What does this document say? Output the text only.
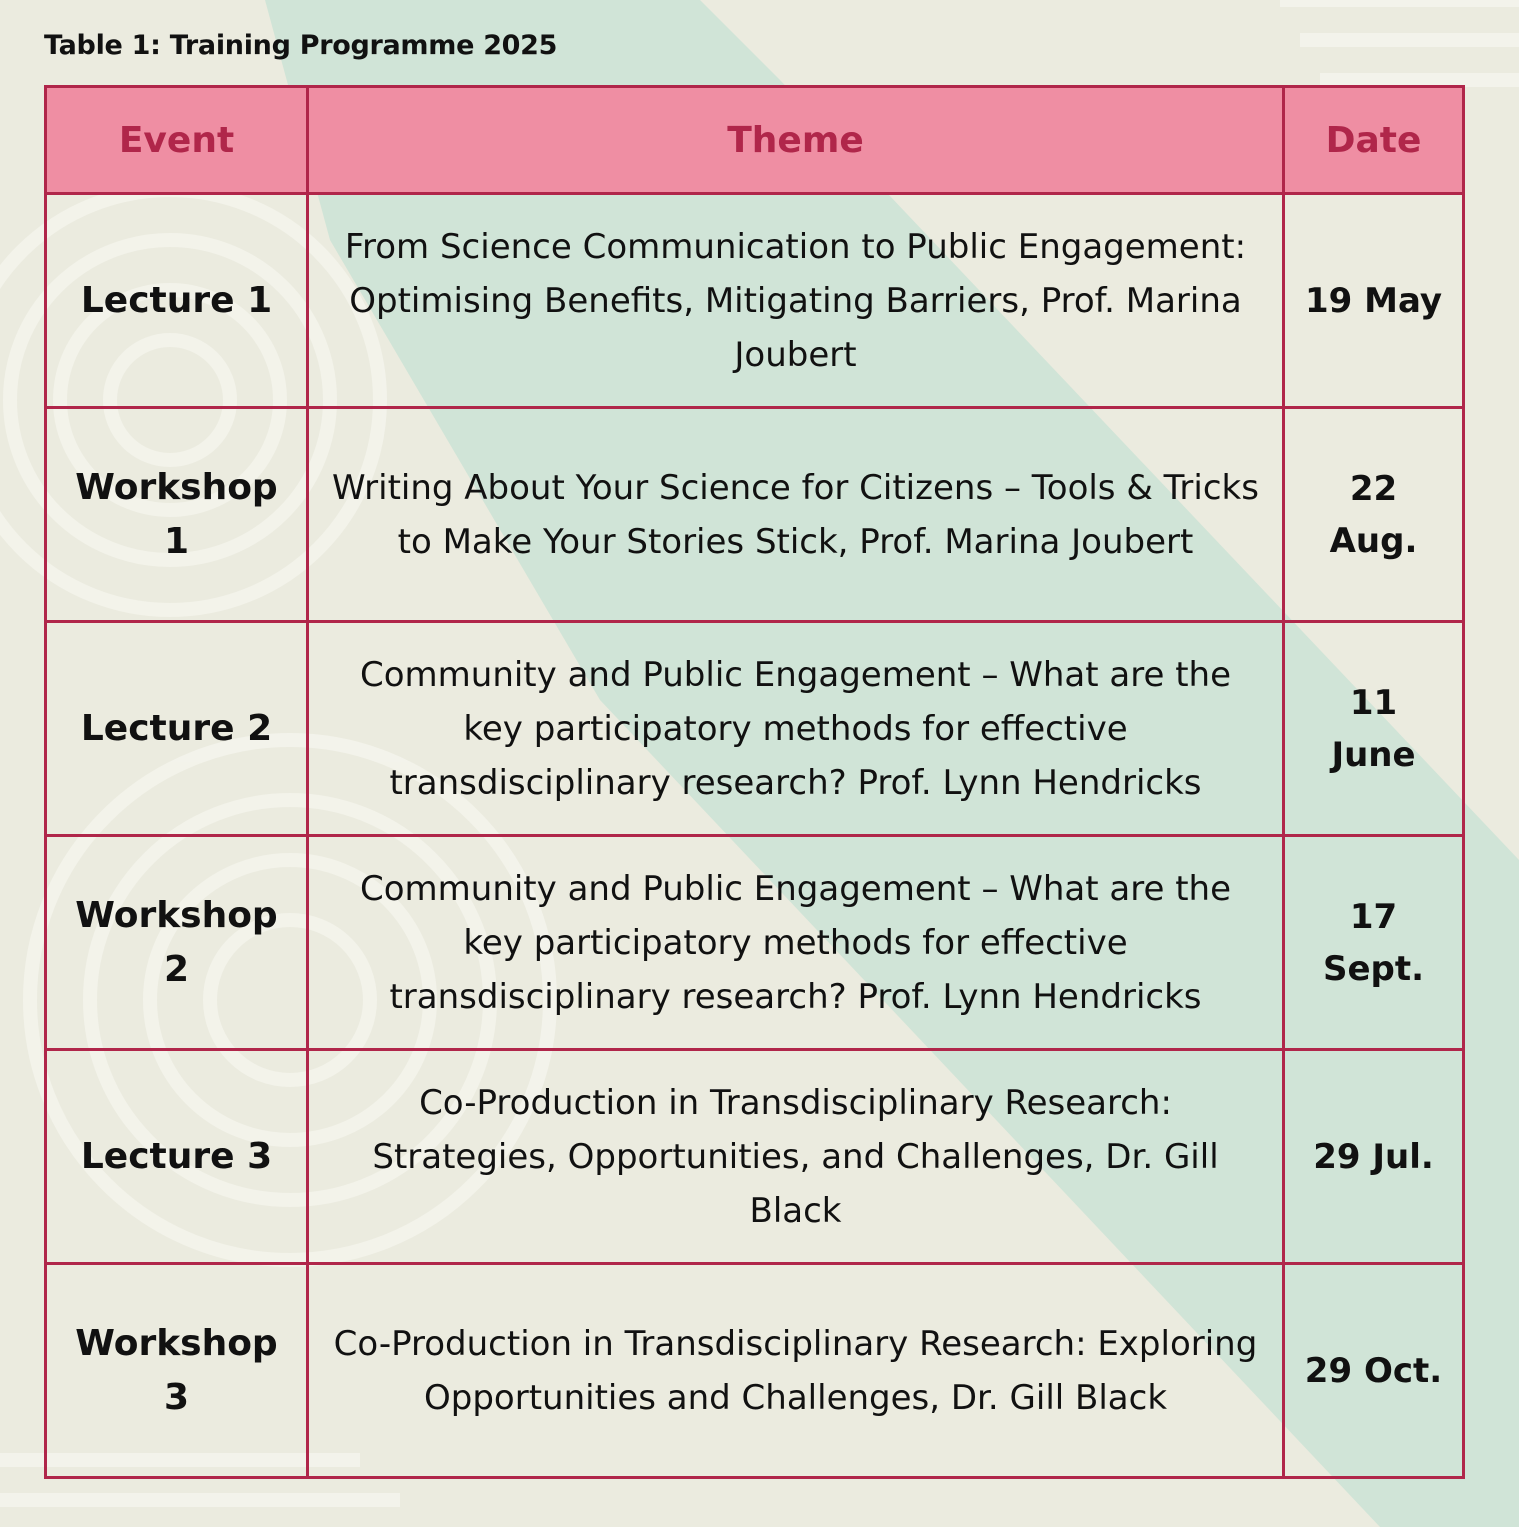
Table 1: Training Programme 2025
Event	Theme	Date
Lecture 1	From Science Communication to Public Engagement: Optimising Benefits, Mitigating Barriers, Prof. Marina Joubert	19 May
Workshop 1	Writing About Your Science for Citizens – Tools & Tricks to Make Your Stories Stick, Prof. Marina Joubert	22 Aug.
Lecture 2	Community and Public Engagement – What are the key participatory methods for effective transdisciplinary research? Prof. Lynn Hendricks	11 June
Workshop 2	Community and Public Engagement – What are the key participatory methods for effective transdisciplinary research? Prof. Lynn Hendricks	17 Sept.
Lecture 3	Co-Production in Transdisciplinary Research: Strategies, Opportunities, and Challenges, Dr. Gill Black	29 Jul.
Workshop 3	Co-Production in Transdisciplinary Research: Exploring Opportunities and Challenges, Dr. Gill Black	29 Oct.
